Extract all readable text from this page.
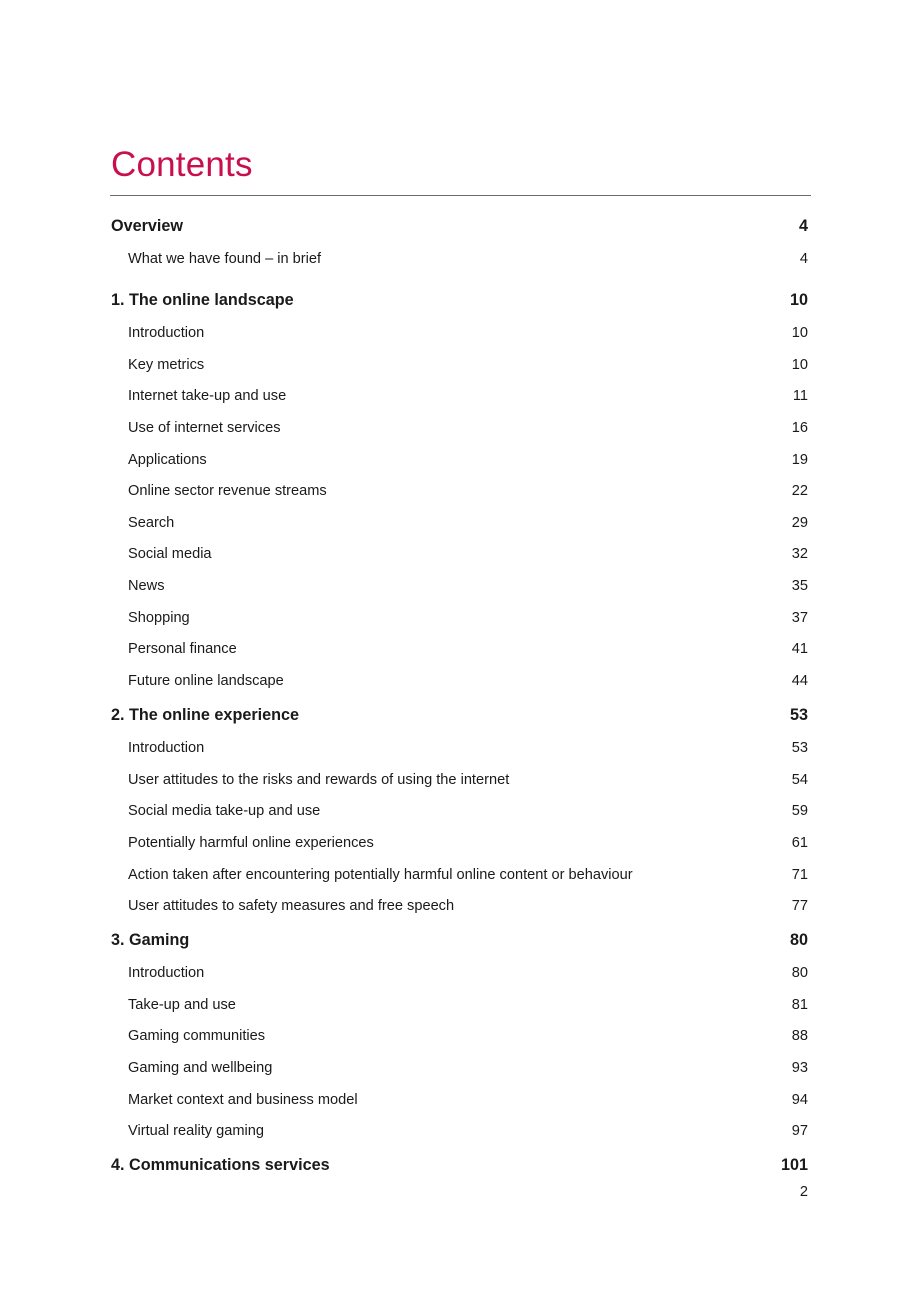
Contents
Overview	4
What we have found – in brief	4
1. The online landscape	10
Introduction	10
Key metrics	10
Internet take-up and use	11
Use of internet services	16
Applications	19
Online sector revenue streams	22
Search	29
Social media	32
News	35
Shopping	37
Personal finance	41
Future online landscape	44
2. The online experience	53
Introduction	53
User attitudes to the risks and rewards of using the internet	54
Social media take-up and use	59
Potentially harmful online experiences	61
Action taken after encountering potentially harmful online content or behaviour	71
User attitudes to safety measures and free speech	77
3. Gaming	80
Introduction	80
Take-up and use	81
Gaming communities	88
Gaming and wellbeing	93
Market context and business model	94
Virtual reality gaming	97
4. Communications services	101
2
